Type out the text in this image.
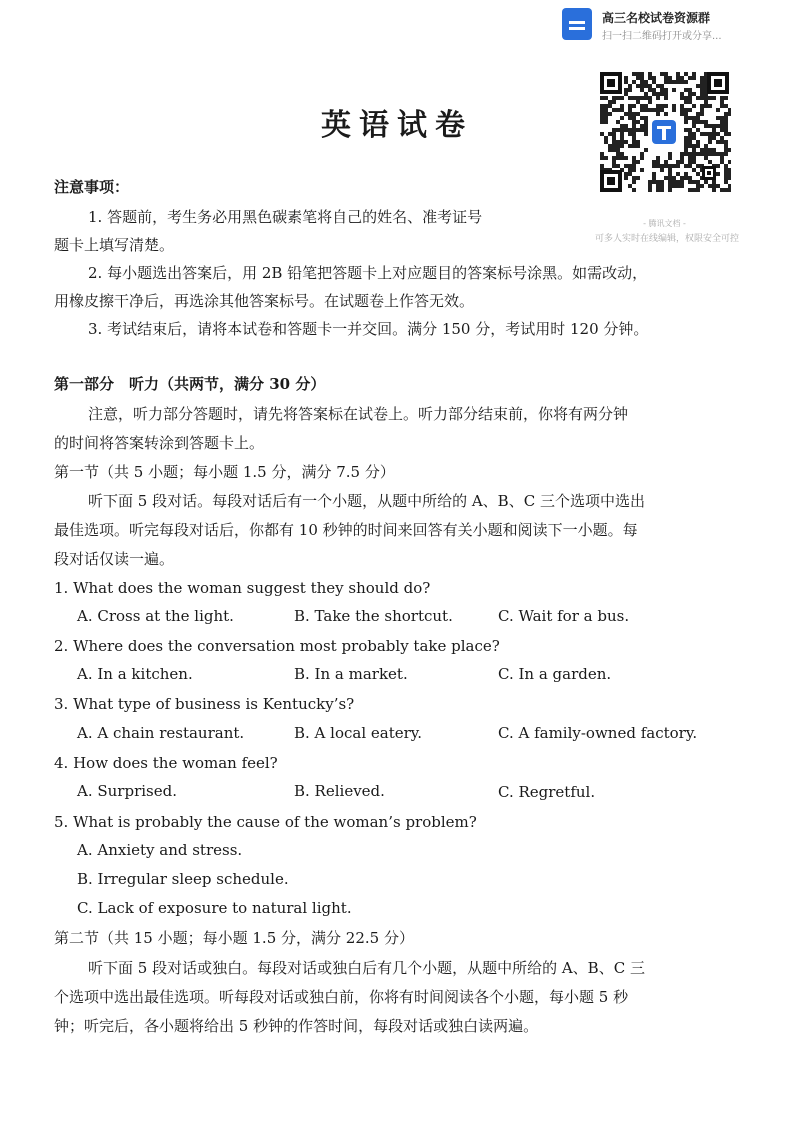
高三名校试卷资源群
扫一扫二维码打开或分享...
- 腾讯文档 -
可多人实时在线编辑，权限安全可控
英语试卷
注意事项：
1. 答题前，考生务必用黑色碳素笔将自己的姓名、准考证号
题卡上填写清楚。
2. 每小题选出答案后，用 2B 铅笔把答题卡上对应题目的答案标号涂黑。如需改动，
用橡皮擦干净后，再选涂其他答案标号。在试题卷上作答无效。
3. 考试结束后，请将本试卷和答题卡一并交回。满分 150 分，考试用时 120 分钟。
第一部分　听力（共两节，满分 30 分）
注意，听力部分答题时，请先将答案标在试卷上。听力部分结束前，你将有两分钟
的时间将答案转涂到答题卡上。
第一节（共 5 小题；每小题 1.5 分，满分 7.5 分）
听下面 5 段对话。每段对话后有一个小题，从题中所给的 A、B、C 三个选项中选出
最佳选项。听完每段对话后，你都有 10 秒钟的时间来回答有关小题和阅读下一小题。每
段对话仅读一遍。
1. What does the woman suggest they should do?
A. Cross at the light.	B. Take the shortcut.	C. Wait for a bus.
2. Where does the conversation most probably take place?
A. In a kitchen.	B. In a market.	C. In a garden.
3. What type of business is Kentucky’s?
A. A chain restaurant.	B. A local eatery.	C. A family-owned factory.
4. How does the woman feel?
A. Surprised.	B. Relieved.	C. Regretful.
5. What is probably the cause of the woman’s problem?
A. Anxiety and stress.
B. Irregular sleep schedule.
C. Lack of exposure to natural light.
第二节（共 15 小题；每小题 1.5 分，满分 22.5 分）
听下面 5 段对话或独白。每段对话或独白后有几个小题，从题中所给的 A、B、C 三
个选项中选出最佳选项。听每段对话或独白前，你将有时间阅读各个小题，每小题 5 秒
钟；听完后，各小题将给出 5 秒钟的作答时间，每段对话或独白读两遍。
